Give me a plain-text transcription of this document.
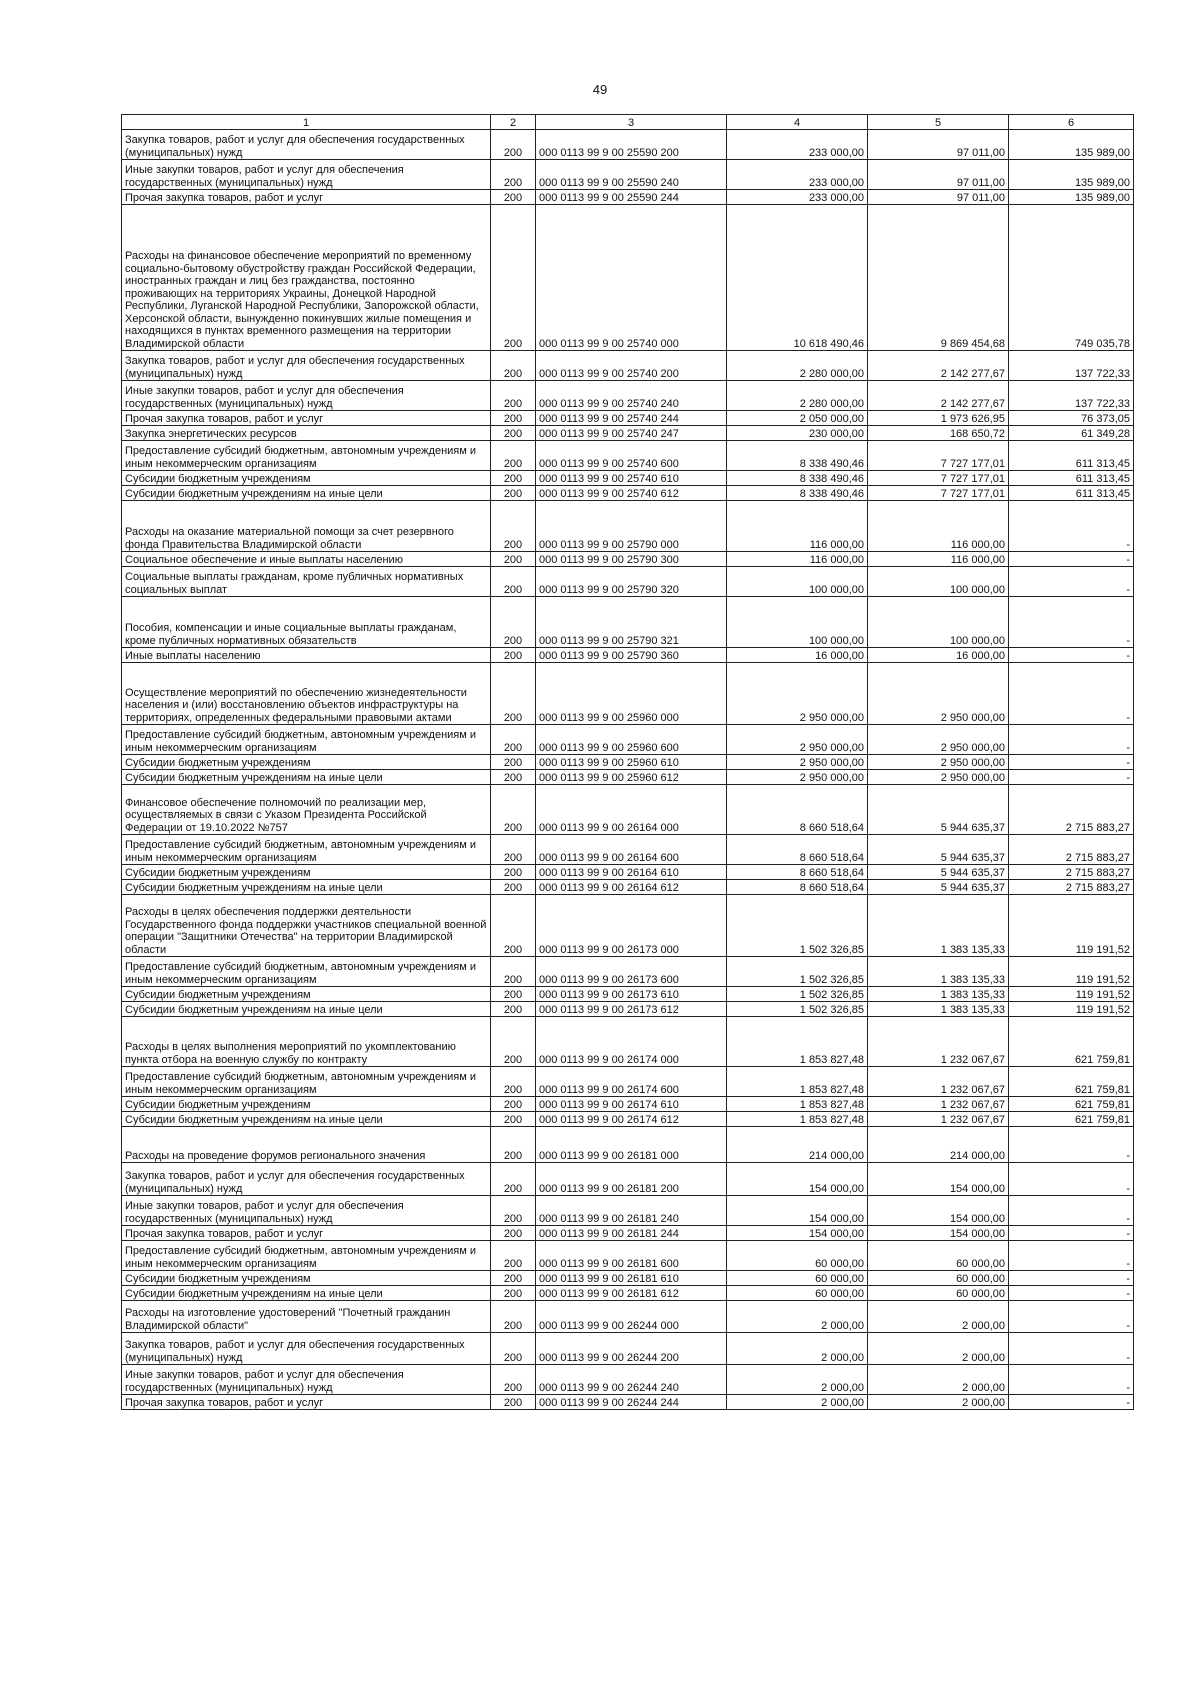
49
1	2	3	4	5	6
Закупка товаров, работ и услуг для обеспечения государственных (муниципальных) нужд	200	000 0113 99 9 00 25590 200	233 000,00	97 011,00	135 989,00
Иные закупки товаров, работ и услуг для обеспечения государственных (муниципальных) нужд	200	000 0113 99 9 00 25590 240	233 000,00	97 011,00	135 989,00
Прочая закупка товаров, работ и услуг	200	000 0113 99 9 00 25590 244	233 000,00	97 011,00	135 989,00
Расходы на финансовое обеспечение мероприятий по временному социально-бытовому обустройству граждан Российской Федерации, иностранных граждан и лиц без гражданства, постоянно проживающих на территориях Украины, Донецкой Народной Республики, Луганской Народной Республики, Запорожской области, Херсонской области, вынужденно покинувших жилые помещения и находящихся в пунктах временного размещения на территории Владимирской области	200	000 0113 99 9 00 25740 000	10 618 490,46	9 869 454,68	749 035,78
Закупка товаров, работ и услуг для обеспечения государственных (муниципальных) нужд	200	000 0113 99 9 00 25740 200	2 280 000,00	2 142 277,67	137 722,33
Иные закупки товаров, работ и услуг для обеспечения государственных (муниципальных) нужд	200	000 0113 99 9 00 25740 240	2 280 000,00	2 142 277,67	137 722,33
Прочая закупка товаров, работ и услуг	200	000 0113 99 9 00 25740 244	2 050 000,00	1 973 626,95	76 373,05
Закупка энергетических ресурсов	200	000 0113 99 9 00 25740 247	230 000,00	168 650,72	61 349,28
Предоставление субсидий бюджетным, автономным учреждениям и иным некоммерческим организациям	200	000 0113 99 9 00 25740 600	8 338 490,46	7 727 177,01	611 313,45
Субсидии бюджетным учреждениям	200	000 0113 99 9 00 25740 610	8 338 490,46	7 727 177,01	611 313,45
Субсидии бюджетным учреждениям на иные цели	200	000 0113 99 9 00 25740 612	8 338 490,46	7 727 177,01	611 313,45
Расходы на оказание материальной помощи за счет резервного фонда Правительства Владимирской области	200	000 0113 99 9 00 25790 000	116 000,00	116 000,00	-
Социальное обеспечение и иные выплаты населению	200	000 0113 99 9 00 25790 300	116 000,00	116 000,00	-
Социальные выплаты гражданам, кроме публичных нормативных социальных выплат	200	000 0113 99 9 00 25790 320	100 000,00	100 000,00	-
Пособия, компенсации и иные социальные выплаты гражданам, кроме публичных нормативных обязательств	200	000 0113 99 9 00 25790 321	100 000,00	100 000,00	-
Иные выплаты населению	200	000 0113 99 9 00 25790 360	16 000,00	16 000,00	-
Осуществление мероприятий по обеспечению жизнедеятельности населения и (или) восстановлению объектов инфраструктуры на территориях, определенных федеральными правовыми актами	200	000 0113 99 9 00 25960 000	2 950 000,00	2 950 000,00	-
Предоставление субсидий бюджетным, автономным учреждениям и иным некоммерческим организациям	200	000 0113 99 9 00 25960 600	2 950 000,00	2 950 000,00	-
Субсидии бюджетным учреждениям	200	000 0113 99 9 00 25960 610	2 950 000,00	2 950 000,00	-
Субсидии бюджетным учреждениям на иные цели	200	000 0113 99 9 00 25960 612	2 950 000,00	2 950 000,00	-
Финансовое обеспечение полномочий по реализации мер, осуществляемых в связи с Указом Президента Российской Федерации от 19.10.2022 №757	200	000 0113 99 9 00 26164 000	8 660 518,64	5 944 635,37	2 715 883,27
Предоставление субсидий бюджетным, автономным учреждениям и иным некоммерческим организациям	200	000 0113 99 9 00 26164 600	8 660 518,64	5 944 635,37	2 715 883,27
Субсидии бюджетным учреждениям	200	000 0113 99 9 00 26164 610	8 660 518,64	5 944 635,37	2 715 883,27
Субсидии бюджетным учреждениям на иные цели	200	000 0113 99 9 00 26164 612	8 660 518,64	5 944 635,37	2 715 883,27
Расходы в целях обеспечения поддержки деятельности Государственного фонда поддержки участников специальной военной операции "Защитники Отечества" на территории Владимирской области	200	000 0113 99 9 00 26173 000	1 502 326,85	1 383 135,33	119 191,52
Предоставление субсидий бюджетным, автономным учреждениям и иным некоммерческим организациям	200	000 0113 99 9 00 26173 600	1 502 326,85	1 383 135,33	119 191,52
Субсидии бюджетным учреждениям	200	000 0113 99 9 00 26173 610	1 502 326,85	1 383 135,33	119 191,52
Субсидии бюджетным учреждениям на иные цели	200	000 0113 99 9 00 26173 612	1 502 326,85	1 383 135,33	119 191,52
Расходы в целях выполнения мероприятий по укомплектованию пункта отбора на военную службу по контракту	200	000 0113 99 9 00 26174 000	1 853 827,48	1 232 067,67	621 759,81
Предоставление субсидий бюджетным, автономным учреждениям и иным некоммерческим организациям	200	000 0113 99 9 00 26174 600	1 853 827,48	1 232 067,67	621 759,81
Субсидии бюджетным учреждениям	200	000 0113 99 9 00 26174 610	1 853 827,48	1 232 067,67	621 759,81
Субсидии бюджетным учреждениям на иные цели	200	000 0113 99 9 00 26174 612	1 853 827,48	1 232 067,67	621 759,81
Расходы на проведение форумов регионального значения	200	000 0113 99 9 00 26181 000	214 000,00	214 000,00	-
Закупка товаров, работ и услуг для обеспечения государственных (муниципальных) нужд	200	000 0113 99 9 00 26181 200	154 000,00	154 000,00	-
Иные закупки товаров, работ и услуг для обеспечения государственных (муниципальных) нужд	200	000 0113 99 9 00 26181 240	154 000,00	154 000,00	-
Прочая закупка товаров, работ и услуг	200	000 0113 99 9 00 26181 244	154 000,00	154 000,00	-
Предоставление субсидий бюджетным, автономным учреждениям и иным некоммерческим организациям	200	000 0113 99 9 00 26181 600	60 000,00	60 000,00	-
Субсидии бюджетным учреждениям	200	000 0113 99 9 00 26181 610	60 000,00	60 000,00	-
Субсидии бюджетным учреждениям на иные цели	200	000 0113 99 9 00 26181 612	60 000,00	60 000,00	-
Расходы на изготовление удостоверений "Почетный гражданин Владимирской области"	200	000 0113 99 9 00 26244 000	2 000,00	2 000,00	-
Закупка товаров, работ и услуг для обеспечения государственных (муниципальных) нужд	200	000 0113 99 9 00 26244 200	2 000,00	2 000,00	-
Иные закупки товаров, работ и услуг для обеспечения государственных (муниципальных) нужд	200	000 0113 99 9 00 26244 240	2 000,00	2 000,00	-
Прочая закупка товаров, работ и услуг	200	000 0113 99 9 00 26244 244	2 000,00	2 000,00	-
